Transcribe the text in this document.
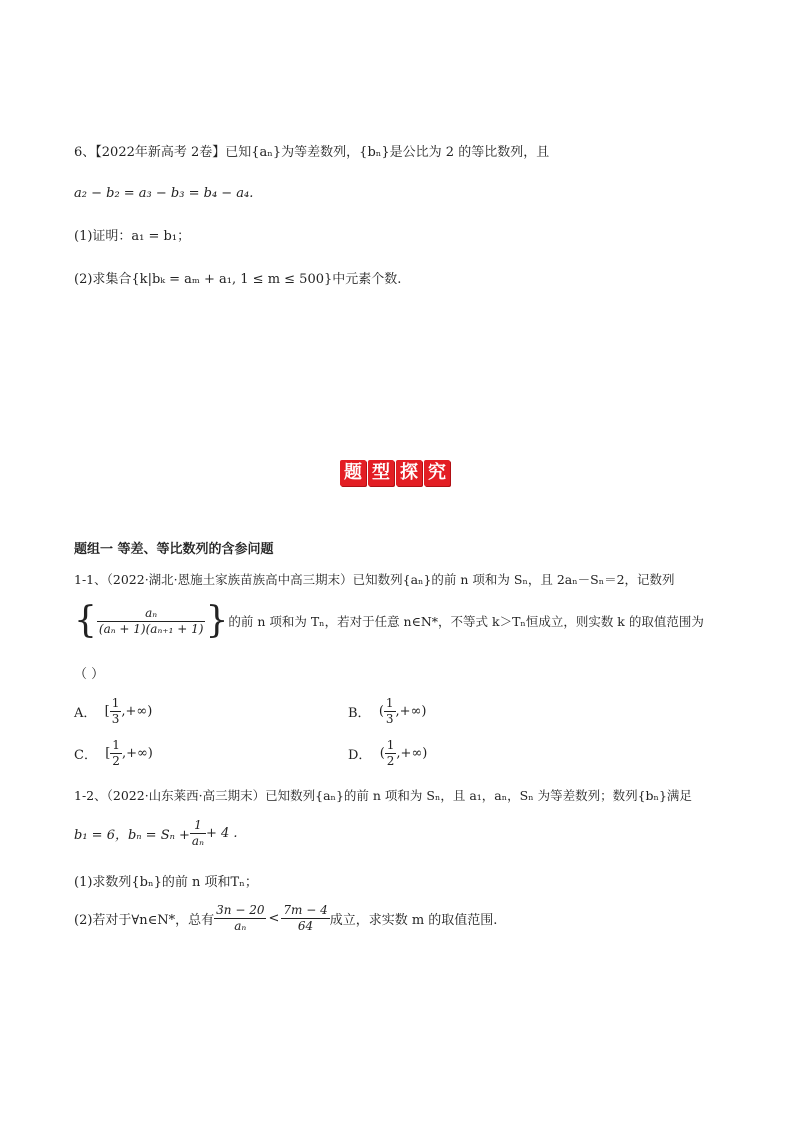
6、【2022年新高考 2卷】已知{aₙ}为等差数列，{bₙ}是公比为 2 的等比数列，且
a₂ − b₂ = a₃ − b₃ = b₄ − a₄.
(1)证明：a₁ = b₁；
(2)求集合{k|bₖ = aₘ + a₁, 1 ≤ m ≤ 500}中元素个数.
题 型 探 究
题组一 等差、等比数列的含参问题
1-1、（2022·湖北·恩施土家族苗族高中高三期末）已知数列{aₙ}的前 n 项和为 Sₙ，且 2aₙ－Sₙ＝2，记数列
{ $\frac{\text{aₙ}}{\text{(aₙ + 1)(aₙ₊₁ + 1)}}$ }的前 n 项和为 Tₙ，若对于任意 n∈N*，不等式 k＞Tₙ恒成立，则实数 k 的取值范围为
（ ）
A． [ $\frac{1}{3}$ ,+∞)	B． ( $\frac{1}{3}$ ,+∞)
C． [ $\frac{1}{2}$ ,+∞)	D． ( $\frac{1}{2}$ ,+∞)
1-2、（2022·山东莱西·高三期末）已知数列{aₙ}的前 n 项和为 Sₙ，且 a₁，aₙ，Sₙ 为等差数列；数列{bₙ}满足
b₁ = 6，$b_n = S_n + \frac{1}{\text{aₙ}} + 4$ .
(1)求数列{bₙ}的前 n 项和Tₙ；
(2)若对于∀n∈N*，总有 $\frac{3n - 20}{\text{aₙ}} < \frac{7m - 4}{64}$ 成立，求实数 m 的取值范围.
